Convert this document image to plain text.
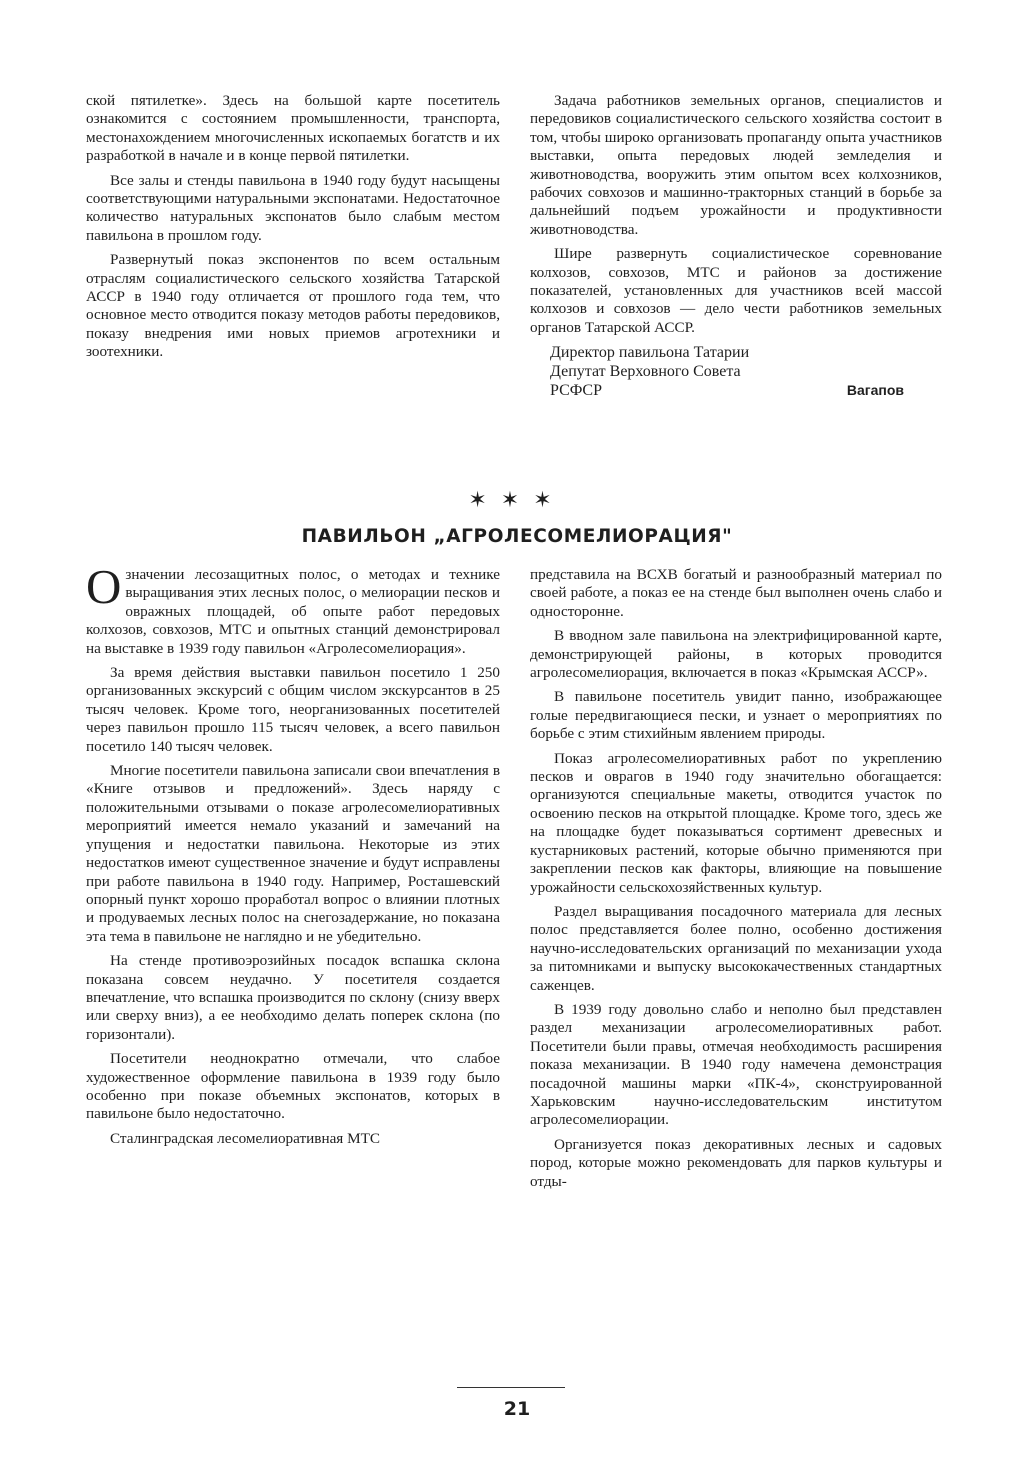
ской пятилетке». Здесь на большой карте посетитель ознакомится с состоянием промышленности, транспорта, местонахождением многочисленных ископаемых богатств и их разработкой в начале и в конце первой пятилетки.

Все залы и стенды павильона в 1940 году будут насыщены соответствующими натуральными экспонатами. Недостаточное количество натуральных экспонатов было слабым местом павильона в прошлом году.

Развернутый показ экспонентов по всем остальным отраслям социалистического сельского хозяйства Татарской АССР в 1940 году отличается от прошлого года тем, что основное место отводится показу методов работы передовиков, показу внедрения ими новых приемов агротехники и зоотехники.

Задача работников земельных органов, специалистов и передовиков социалистического сельского хозяйства состоит в том, чтобы широко организовать пропаганду опыта участников выставки, опыта передовых людей земледелия и животноводства, вооружить этим опытом всех колхозников, рабочих совхозов и машинно-тракторных станций в борьбе за дальнейший подъем урожайности и продуктивности животноводства.

Шире развернуть социалистическое соревнование колхозов, совхозов, МТС и районов за достижение показателей, установленных для участников всей массой колхозов и совхозов — дело чести работников земельных органов Татарской АССР.

Директор павильона Татарии
Депутат Верховного Совета
РСФСР	Вагапов
✶✶✶
ПАВИЛЬОН „АГРОЛЕСОМЕЛИОРАЦИЯ"

Означении лесозащитных полос, о методах и технике выращивания этих лесных полос, о мелиорации песков и овражных площадей, об опыте работ передовых колхозов, совхозов, МТС и опытных станций демонстрировал на выставке в 1939 году павильон «Агролесомелиорация».

За время действия выставки павильон посетило 1 250 организованных экскурсий с общим числом экскурсантов в 25 тысяч человек. Кроме того, неорганизованных посетителей через павильон прошло 115 тысяч человек, а всего павильон посетило 140 тысяч человек.

Многие посетители павильона записали свои впечатления в «Книге отзывов и предложений». Здесь наряду с положительными отзывами о показе агролесомелиоративных мероприятий имеется немало указаний и замечаний на упущения и недостатки павильона. Некоторые из этих недостатков имеют существенное значение и будут исправлены при работе павильона в 1940 году. Например, Росташевский опорный пункт хорошо проработал вопрос о влиянии плотных и продуваемых лесных полос на снегозадержание, но показана эта тема в павильоне не наглядно и не убедительно.

На стенде противоэрозийных посадок вспашка склона показана совсем неудачно. У посетителя создается впечатление, что вспашка производится по склону (снизу вверх или сверху вниз), а ее необходимо делать поперек склона (по горизонтали).

Посетители неоднократно отмечали, что слабое художественное оформление павильона в 1939 году было особенно при показе объемных экспонатов, которых в павильоне было недостаточно.

Сталинградская лесомелиоративная МТС

представила на ВСХВ богатый и разнообразный материал по своей работе, а показ ее на стенде был выполнен очень слабо и односторонне.

В вводном зале павильона на электрифицированной карте, демонстрирующей районы, в которых проводится агролесомелиорация, включается в показ «Крымская АССР».

В павильоне посетитель увидит панно, изображающее голые передвигающиеся пески, и узнает о мероприятиях по борьбе с этим стихийным явлением природы.

Показ агролесомелиоративных работ по укреплению песков и оврагов в 1940 году значительно обогащается: организуются специальные макеты, отводится участок по освоению песков на открытой площадке. Кроме того, здесь же на площадке будет показываться сортимент древесных и кустарниковых растений, которые обычно применяются при закреплении песков как факторы, влияющие на повышение урожайности сельскохозяйственных культур.

Раздел выращивания посадочного материала для лесных полос представляется более полно, особенно достижения научно-исследовательских организаций по механизации ухода за питомниками и выпуску высококачественных стандартных саженцев.

В 1939 году довольно слабо и неполно был представлен раздел механизации агролесомелиоративных работ. Посетители были правы, отмечая необходимость расширения показа механизации. В 1940 году намечена демонстрация посадочной машины марки «ПК-4», сконструированной Харьковским научно-исследовательским институтом агролесомелиорации.

Организуется показ декоративных лесных и садовых пород, которые можно рекомендовать для парков культуры и отды-

21
